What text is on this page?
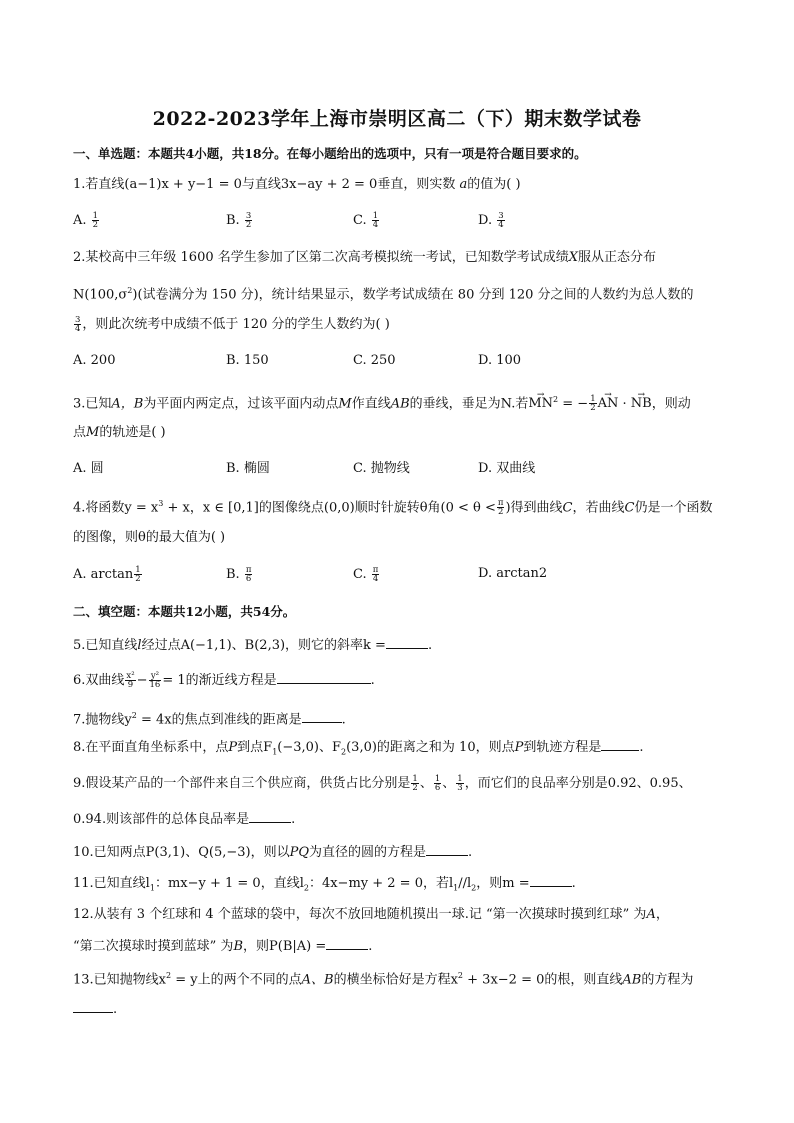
2022-2023学年上海市崇明区高二（下）期末数学试卷
一、单选题：本题共4小题，共18分。在每小题给出的选项中，只有一项是符合题目要求的。
1.若直线(a−1)x + y−1 = 0与直线3x−ay + 2 = 0垂直，则实数 a的值为( )
A. $\frac{1}{2}$	B. $\frac{3}{2}$	C. $\frac{1}{4}$	D. $\frac{3}{4}$
2.某校高中三年级 1600 名学生参加了区第二次高考模拟统一考试，已知数学考试成绩X服从正态分布
$N(100,\sigma^2)$(试卷满分为 150 分)，统计结果显示，数学考试成绩在 80 分到 120 分之间的人数约为总人数的
$\frac{3}{4}$ ，则此次统考中成绩不低于 120 分的学生人数约为( )
A. 200	B. 150	C. 250	D. 100
3.已知A，B为平面内两定点，过该平面内动点M作直线AB的垂线，垂足为N.若→ $MN^2$ = − $\frac{1}{2}$
→ AN · → NB，则动
点M的轨迹是( )
A. 圆	B. 椭圆	C. 抛物线	D. 双曲线
4.将函数$y = x^3 + x$，x ∈ [0,1]的图像绕点(0,0)顺时针旋转θ角($0 < \theta < \frac{\pi}{2}$ )得到曲线C，若曲线C仍是一个函数
的图像，则θ的最大值为( )
A. $\arctan \frac{1}{2}$	B. $\frac{\pi}{6}$	C. $\frac{\pi}{4}$	D. arctan2
二、填空题：本题共12小题，共54分。
5.已知直线l经过点A(−1,1)、B(2,3)，则它的斜率k =	.
6.双曲线 $\frac{\text{x²}}{9} - \frac{\text{y²}}{16} = 1$的渐近线方程是	.
7.抛物线$y^2 = 4x$的焦点到准线的距离是	.
8.在平面直角坐标系中，点P到点$F_1(-3,0)$、$F_2(3,0)$的距离之和为 10，则点P到轨迹方程是	.
9.假设某产品的一个部件来自三个供应商，供货占比分别是 $\frac{1}{2}$ 、 $\frac{1}{6}$ 、 $\frac{1}{3}$ ，而它们的良品率分别是0.92、0.95、
0.94.则该部件的总体良品率是	.
10.已知两点P(3,1)、Q(5,−3)，则以PQ为直径的圆的方程是	.
11.已知直线$l_1$：mx−y + 1 = 0，直线$l_2$：4x−my + 2 = 0，若$l_1//l_2$，则m =	.
12.从装有 3 个红球和 4 个蓝球的袋中，每次不放回地随机摸出一球.记 “第一次摸球时摸到红球” 为A，
“第二次摸球时摸到蓝球” 为B，则P(B|A) =	.
13.已知抛物线$x^2 = y$上的两个不同的点A、B的横坐标恰好是方程$x^2 + 3x-2 = 0$的根，则直线AB的方程为
.
